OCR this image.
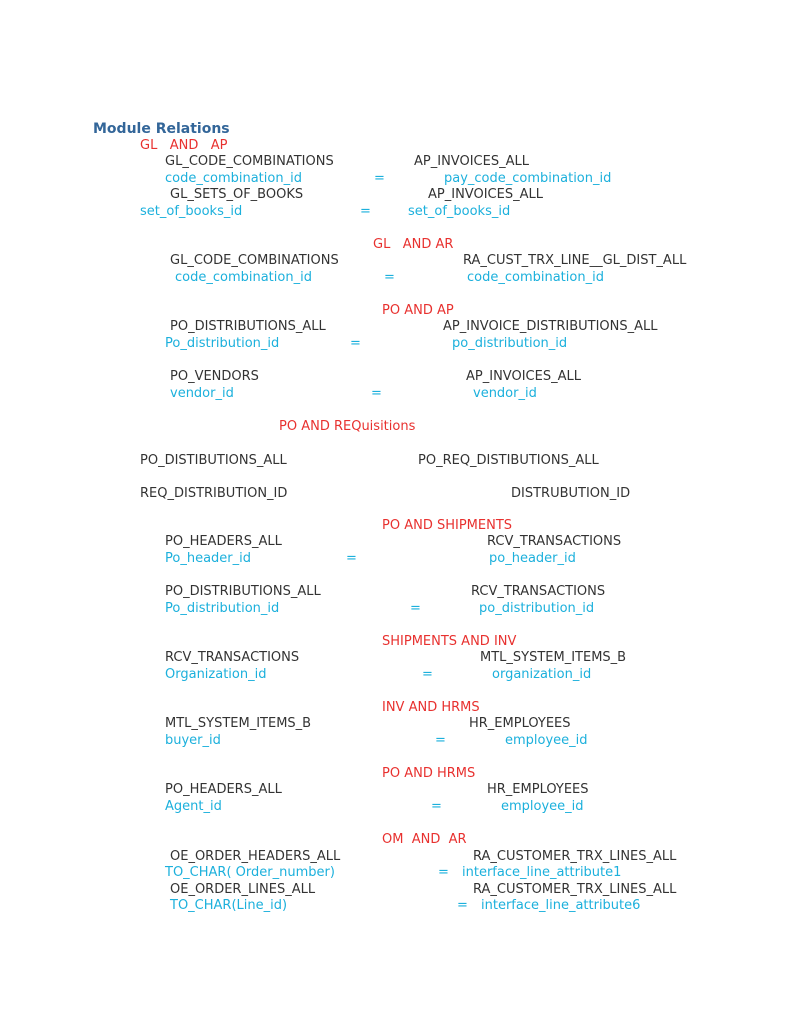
Module Relations
GL   AND   AP
GL_CODE_COMBINATIONS	AP_INVOICES_ALL
code_combination_id	=	pay_code_combination_id
GL_SETS_OF_BOOKS	AP_INVOICES_ALL
set_of_books_id	=	set_of_books_id
GL   AND AR
GL_CODE_COMBINATIONS	RA_CUST_TRX_LINE__GL_DIST_ALL
code_combination_id	=	code_combination_id
PO AND AP
PO_DISTRIBUTIONS_ALL	AP_INVOICE_DISTRIBUTIONS_ALL
Po_distribution_id	=	po_distribution_id
PO_VENDORS	AP_INVOICES_ALL
vendor_id	=	vendor_id
PO AND REQuisitions
PO_DISTIBUTIONS_ALL	PO_REQ_DISTIBUTIONS_ALL
REQ_DISTRIBUTION_ID	DISTRUBUTION_ID
PO AND SHIPMENTS
PO_HEADERS_ALL	RCV_TRANSACTIONS
Po_header_id	=	po_header_id
PO_DISTRIBUTIONS_ALL	RCV_TRANSACTIONS
Po_distribution_id	=	po_distribution_id
SHIPMENTS AND INV
RCV_TRANSACTIONS	MTL_SYSTEM_ITEMS_B
Organization_id	=	organization_id
INV AND HRMS
MTL_SYSTEM_ITEMS_B	HR_EMPLOYEES
buyer_id	=	employee_id
PO AND HRMS
PO_HEADERS_ALL	HR_EMPLOYEES
Agent_id	=	employee_id
OM  AND  AR
OE_ORDER_HEADERS_ALL	RA_CUSTOMER_TRX_LINES_ALL
TO_CHAR( Order_number)	= interface_line_attribute1
OE_ORDER_LINES_ALL	RA_CUSTOMER_TRX_LINES_ALL
TO_CHAR(Line_id)	= interface_line_attribute6
